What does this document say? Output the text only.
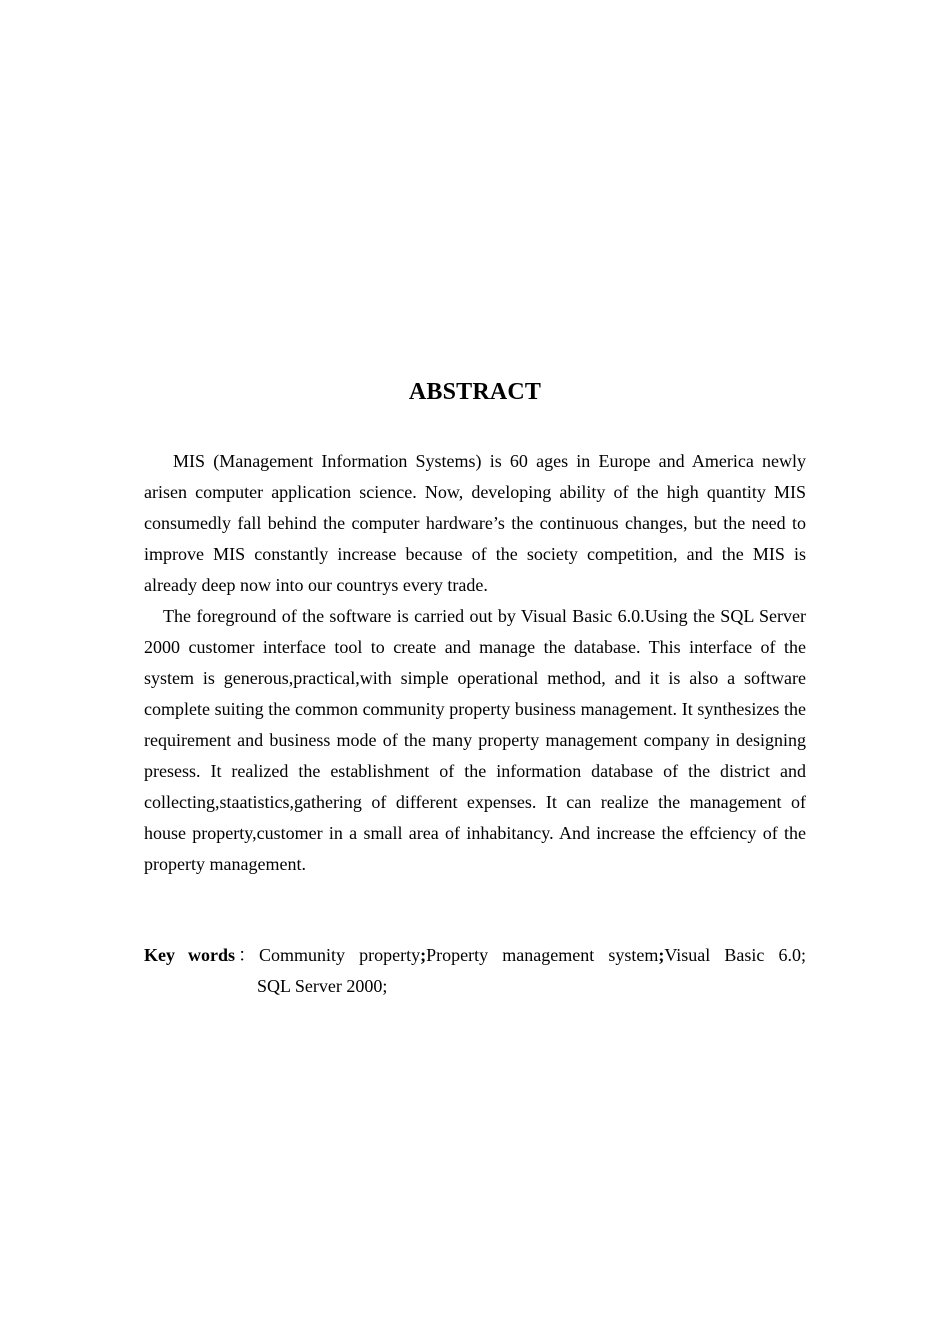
ABSTRACT

MIS (Management Information Systems) is 60 ages in Europe and America newly arisen computer application science. Now, developing ability of the high quantity MIS consumedly fall behind the computer hardware’s the continuous changes, but the need to improve MIS constantly increase because of the society competition, and the MIS is already deep now into our countrys every trade.

The foreground of the software is carried out by Visual Basic 6.0.Using the SQL Server 2000 customer interface tool to create and manage the database. This interface of the system is generous,practical,with simple operational method, and it is also a software complete suiting the common community property business management. It synthesizes the requirement and business mode of the many property management company in designing presess. It realized the establishment of the information database of the district and collecting,staatistics,gathering of different expenses. It can realize the management of house property,customer in a small area of inhabitancy. And increase the effciency of the property management.

Key words ： Community property;Property management system;Visual Basic 6.0;
SQL Server 2000;
